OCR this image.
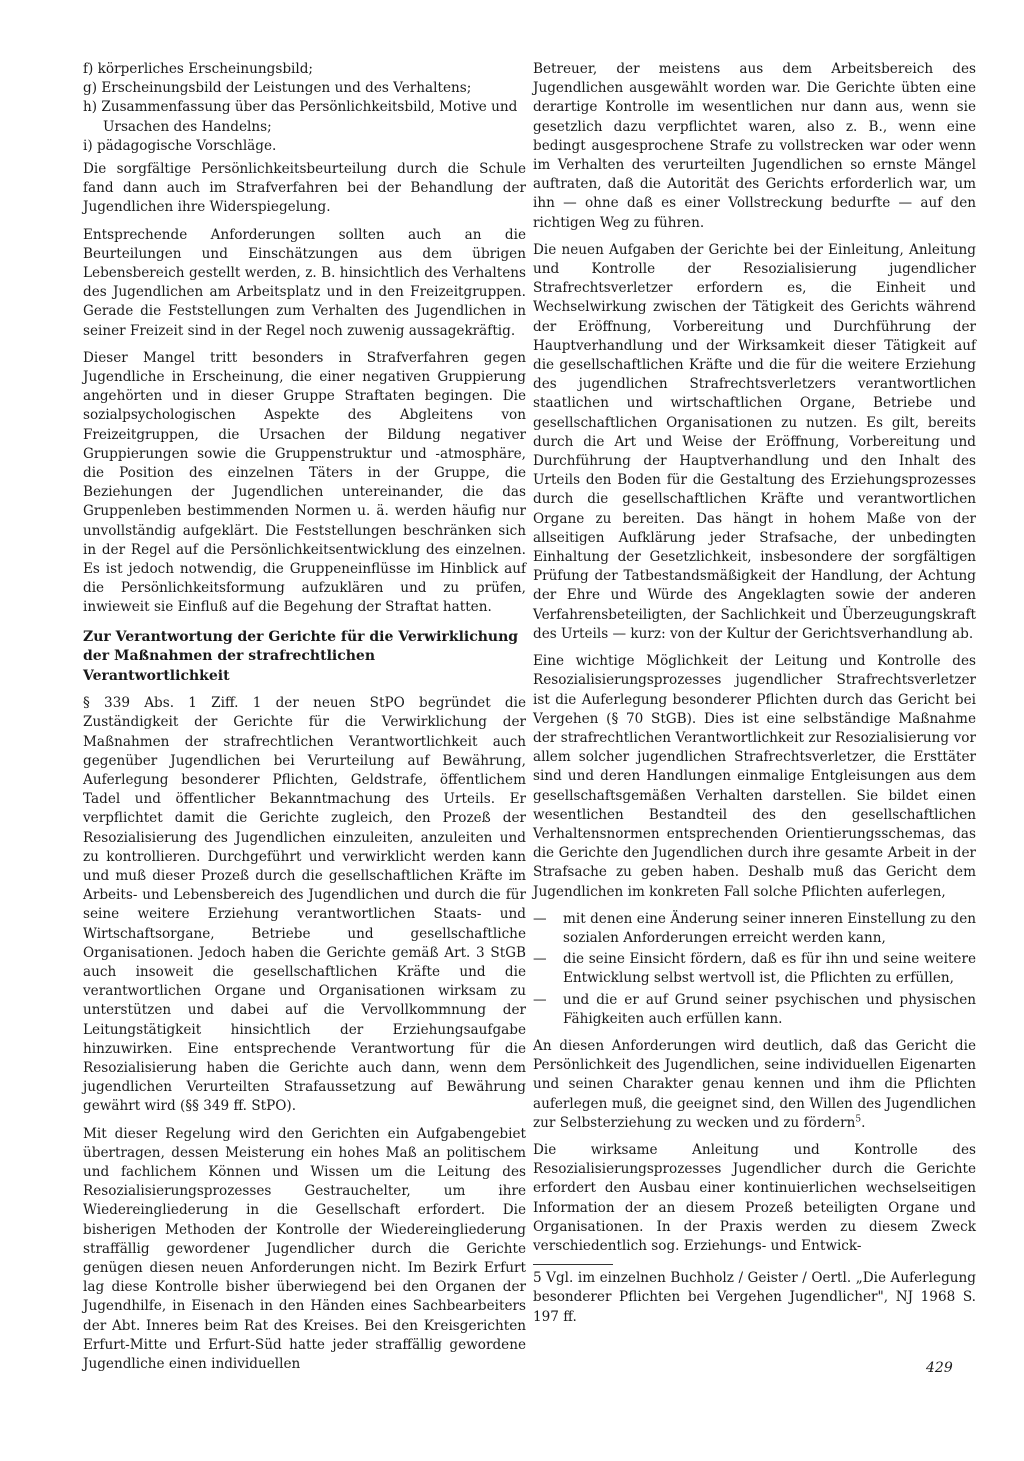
f) körperliches Erscheinungsbild;
g) Erscheinungsbild der Leistungen und des Verhaltens;
h) Zusammenfassung über das Persönlichkeitsbild, Motive und Ursachen des Handelns;
i) pädagogische Vorschläge.

Die sorgfältige Persönlichkeitsbeurteilung durch die Schule fand dann auch im Strafverfahren bei der Behandlung der Jugendlichen ihre Widerspiegelung.

Entsprechende Anforderungen sollten auch an die Beurteilungen und Einschätzungen aus dem übrigen Lebensbereich gestellt werden, z. B. hinsichtlich des Verhaltens des Jugendlichen am Arbeitsplatz und in den Freizeitgruppen. Gerade die Feststellungen zum Verhalten des Jugendlichen in seiner Freizeit sind in der Regel noch zuwenig aussagekräftig.

Dieser Mangel tritt besonders in Strafverfahren gegen Jugendliche in Erscheinung, die einer negativen Gruppierung angehörten und in dieser Gruppe Straftaten begingen. Die sozialpsychologischen Aspekte des Abgleitens von Freizeitgruppen, die Ursachen der Bildung negativer Gruppierungen sowie die Gruppenstruktur und -atmosphäre, die Position des einzelnen Täters in der Gruppe, die Beziehungen der Jugendlichen untereinander, die das Gruppenleben bestimmenden Normen u. ä. werden häufig nur unvollständig aufgeklärt. Die Feststellungen beschränken sich in der Regel auf die Persönlichkeitsentwicklung des einzelnen. Es ist jedoch notwendig, die Gruppeneinflüsse im Hinblick auf die Persönlichkeitsformung aufzuklären und zu prüfen, inwieweit sie Einfluß auf die Begehung der Straftat hatten.

Zur Verantwortung der Gerichte für die Verwirklichung der Maßnahmen der strafrechtlichen Verantwortlichkeit

§ 339 Abs. 1 Ziff. 1 der neuen StPO begründet die Zuständigkeit der Gerichte für die Verwirklichung der Maßnahmen der strafrechtlichen Verantwortlichkeit auch gegenüber Jugendlichen bei Verurteilung auf Bewährung, Auferlegung besonderer Pflichten, Geldstrafe, öffentlichem Tadel und öffentlicher Bekanntmachung des Urteils. Er verpflichtet damit die Gerichte zugleich, den Prozeß der Resozialisierung des Jugendlichen einzuleiten, anzuleiten und zu kontrollieren. Durchgeführt und verwirklicht werden kann und muß dieser Prozeß durch die gesellschaftlichen Kräfte im Arbeits- und Lebensbereich des Jugendlichen und durch die für seine weitere Erziehung verantwortlichen Staats- und Wirtschaftsorgane, Betriebe und gesellschaftliche Organisationen. Jedoch haben die Gerichte gemäß Art. 3 StGB auch insoweit die gesellschaftlichen Kräfte und die verantwortlichen Organe und Organisationen wirksam zu unterstützen und dabei auf die Vervollkommnung der Leitungstätigkeit hinsichtlich der Erziehungsaufgabe hinzuwirken. Eine entsprechende Verantwortung für die Resozialisierung haben die Gerichte auch dann, wenn dem jugendlichen Verurteilten Strafaussetzung auf Bewährung gewährt wird (§§ 349 ff. StPO).

Mit dieser Regelung wird den Gerichten ein Aufgabengebiet übertragen, dessen Meisterung ein hohes Maß an politischem und fachlichem Können und Wissen um die Leitung des Resozialisierungsprozesses Gestrauchelter, um ihre Wiedereingliederung in die Gesellschaft erfordert. Die bisherigen Methoden der Kontrolle der Wiedereingliederung straffällig gewordener Jugendlicher durch die Gerichte genügen diesen neuen Anforderungen nicht. Im Bezirk Erfurt lag diese Kontrolle bisher überwiegend bei den Organen der Jugendhilfe, in Eisenach in den Händen eines Sachbearbeiters der Abt. Inneres beim Rat des Kreises. Bei den Kreisgerichten Erfurt-Mitte und Erfurt-Süd hatte jeder straffällig gewordene Jugendliche einen individuellen

Betreuer, der meistens aus dem Arbeitsbereich des Jugendlichen ausgewählt worden war. Die Gerichte übten eine derartige Kontrolle im wesentlichen nur dann aus, wenn sie gesetzlich dazu verpflichtet waren, also z. B., wenn eine bedingt ausgesprochene Strafe zu vollstrecken war oder wenn im Verhalten des verurteilten Jugendlichen so ernste Mängel auftraten, daß die Autorität des Gerichts erforderlich war, um ihn — ohne daß es einer Vollstreckung bedurfte — auf den richtigen Weg zu führen.

Die neuen Aufgaben der Gerichte bei der Einleitung, Anleitung und Kontrolle der Resozialisierung jugendlicher Strafrechtsverletzer erfordern es, die Einheit und Wechselwirkung zwischen der Tätigkeit des Gerichts während der Eröffnung, Vorbereitung und Durchführung der Hauptverhandlung und der Wirksamkeit dieser Tätigkeit auf die gesellschaftlichen Kräfte und die für die weitere Erziehung des jugendlichen Strafrechtsverletzers verantwortlichen staatlichen und wirtschaftlichen Organe, Betriebe und gesellschaftlichen Organisationen zu nutzen. Es gilt, bereits durch die Art und Weise der Eröffnung, Vorbereitung und Durchführung der Hauptverhandlung und den Inhalt des Urteils den Boden für die Gestaltung des Erziehungsprozesses durch die gesellschaftlichen Kräfte und verantwortlichen Organe zu bereiten. Das hängt in hohem Maße von der allseitigen Aufklärung jeder Strafsache, der unbedingten Einhaltung der Gesetzlichkeit, insbesondere der sorgfältigen Prüfung der Tatbestandsmäßigkeit der Handlung, der Achtung der Ehre und Würde des Angeklagten sowie der anderen Verfahrensbeteiligten, der Sachlichkeit und Überzeugungskraft des Urteils — kurz: von der Kultur der Gerichtsverhandlung ab.

Eine wichtige Möglichkeit der Leitung und Kontrolle des Resozialisierungsprozesses jugendlicher Strafrechtsverletzer ist die Auferlegung besonderer Pflichten durch das Gericht bei Vergehen (§ 70 StGB). Dies ist eine selbständige Maßnahme der strafrechtlichen Verantwortlichkeit zur Resozialisierung vor allem solcher jugendlichen Strafrechtsverletzer, die Ersttäter sind und deren Handlungen einmalige Entgleisungen aus dem gesellschaftsgemäßen Verhalten darstellen. Sie bildet einen wesentlichen Bestandteil des den gesellschaftlichen Verhaltensnormen entsprechenden Orientierungsschemas, das die Gerichte den Jugendlichen durch ihre gesamte Arbeit in der Strafsache zu geben haben. Deshalb muß das Gericht dem Jugendlichen im konkreten Fall solche Pflichten auferlegen,

— mit denen eine Änderung seiner inneren Einstellung zu den sozialen Anforderungen erreicht werden kann,
— die seine Einsicht fördern, daß es für ihn und seine weitere Entwicklung selbst wertvoll ist, die Pflichten zu erfüllen,
— und die er auf Grund seiner psychischen und physischen Fähigkeiten auch erfüllen kann.

An diesen Anforderungen wird deutlich, daß das Gericht die Persönlichkeit des Jugendlichen, seine individuellen Eigenarten und seinen Charakter genau kennen und ihm die Pflichten auferlegen muß, die geeignet sind, den Willen des Jugendlichen zur Selbsterziehung zu wecken und zu fördern$^5$.

Die wirksame Anleitung und Kontrolle des Resozialisierungsprozesses Jugendlicher durch die Gerichte erfordert den Ausbau einer kontinuierlichen wechselseitigen Information der an diesem Prozeß beteiligten Organe und Organisationen. In der Praxis werden zu diesem Zweck verschiedentlich sog. Erziehungs- und Entwick-

5 Vgl. im einzelnen Buchholz / Geister / Oertl. „Die Auferlegung besonderer Pflichten bei Vergehen Jugendlicher", NJ 1968 S. 197 ff.

429
